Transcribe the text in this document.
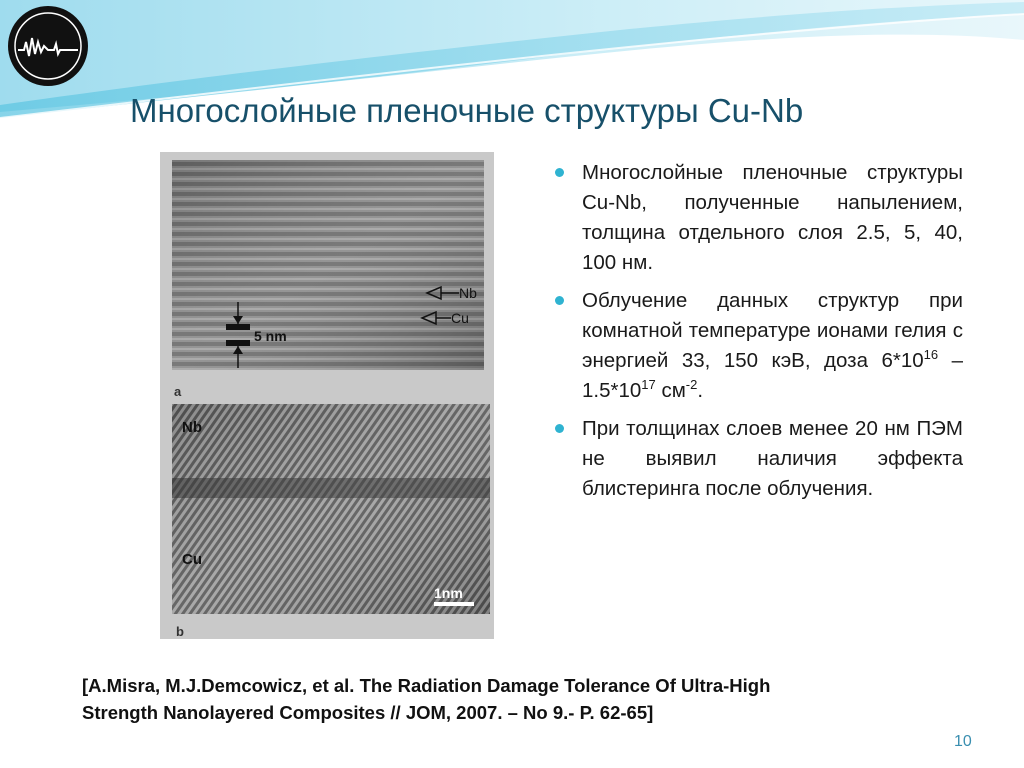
Многослойные пленочные структуры Cu-Nb
5 nm
Nb
Cu
a
Nb
Cu
1nm
b
Многослойные пленочные структуры Cu-Nb, полученные напылением, толщина отдельного слоя 2.5, 5, 40, 100 нм.
Облучение данных структур при комнатной температуре ионами гелия с энергией 33, 150 кэВ, доза $6*10^{16} - 1.5*10^{17}$ $см^{-2}$.
При толщинах слоев менее 20 нм ПЭМ не выявил наличия эффекта блистеринга после облучения.
[A.Misra, M.J.Demcowicz, et al. The Radiation Damage Tolerance Of Ultra-High
Strength Nanolayered Composites // JOM, 2007. – No 9.- P. 62-65]
10
